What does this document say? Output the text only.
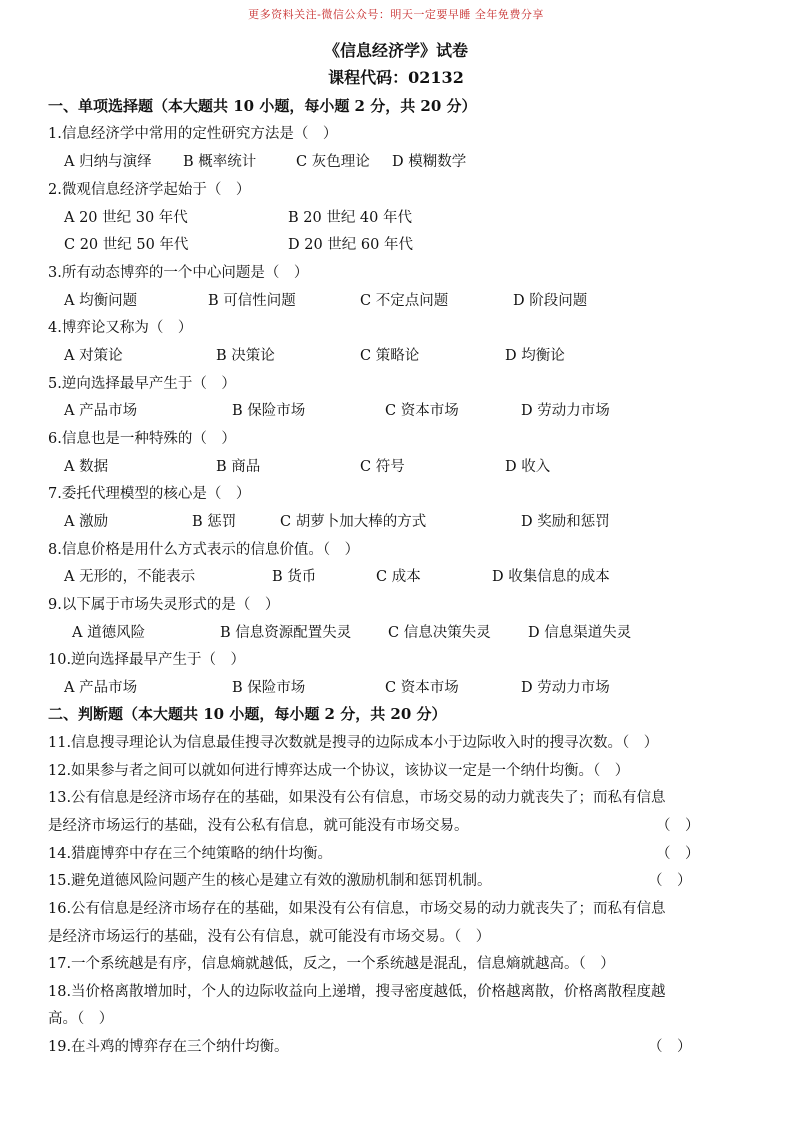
更多资料关注-微信公众号：明天一定要早睡 全年免费分享
《信息经济学》试卷
课程代码：02132
一、单项选择题（本大题共 10 小题，每小题 2 分，共 20 分）
1.信息经济学中常用的定性研究方法是（　）
A 归纳与演绎 B 概率统计	C 灰色理论 D 模糊数学
2.微观信息经济学起始于（　）
A 20 世纪 30 年代	B 20 世纪 40 年代
C 20 世纪 50 年代	D 20 世纪 60 年代
3.所有动态博弈的一个中心问题是（　）
A 均衡问题	B 可信性问题	C 不定点问题	D 阶段问题
4.博弈论又称为（　）
A 对策论	B 决策论	C 策略论	D 均衡论
5.逆向选择最早产生于（　）
A 产品市场	B 保险市场	C 资本市场	D 劳动力市场
6.信息也是一种特殊的（　）
A 数据	B 商品	C 符号	D 收入
7.委托代理模型的核心是（　）
A 激励	B 惩罚	C 胡萝卜加大棒的方式	D 奖励和惩罚
8.信息价格是用什么方式表示的信息价值。（　）
A 无形的，不能表示	B 货币	C 成本	D 收集信息的成本
9.以下属于市场失灵形式的是（　）
A 道德风险	B 信息资源配置失灵	C 信息决策失灵	D 信息渠道失灵
10.逆向选择最早产生于（　）
A 产品市场	B 保险市场	C 资本市场	D 劳动力市场
二、判断题（本大题共 10 小题，每小题 2 分，共 20 分）
11.信息搜寻理论认为信息最佳搜寻次数就是搜寻的边际成本小于边际收入时的搜寻次数。（　）
12.如果参与者之间可以就如何进行博弈达成一个协议，该协议一定是一个纳什均衡。（　）
13.公有信息是经济市场存在的基础，如果没有公有信息，市场交易的动力就丧失了；而私有信息
是经济市场运行的基础，没有公私有信息，就可能没有市场交易。	（　）
14.猎鹿博弈中存在三个纯策略的纳什均衡。	（　）
15.避免道德风险问题产生的核心是建立有效的激励机制和惩罚机制。	（　）
16.公有信息是经济市场存在的基础，如果没有公有信息，市场交易的动力就丧失了；而私有信息
是经济市场运行的基础，没有公有信息，就可能没有市场交易。（　）
17.一个系统越是有序，信息熵就越低，反之，一个系统越是混乱，信息熵就越高。（　）
18.当价格离散增加时，个人的边际收益向上递增，搜寻密度越低，价格越离散，价格离散程度越
高。（　）
19.在斗鸡的博弈存在三个纳什均衡。	（　）
